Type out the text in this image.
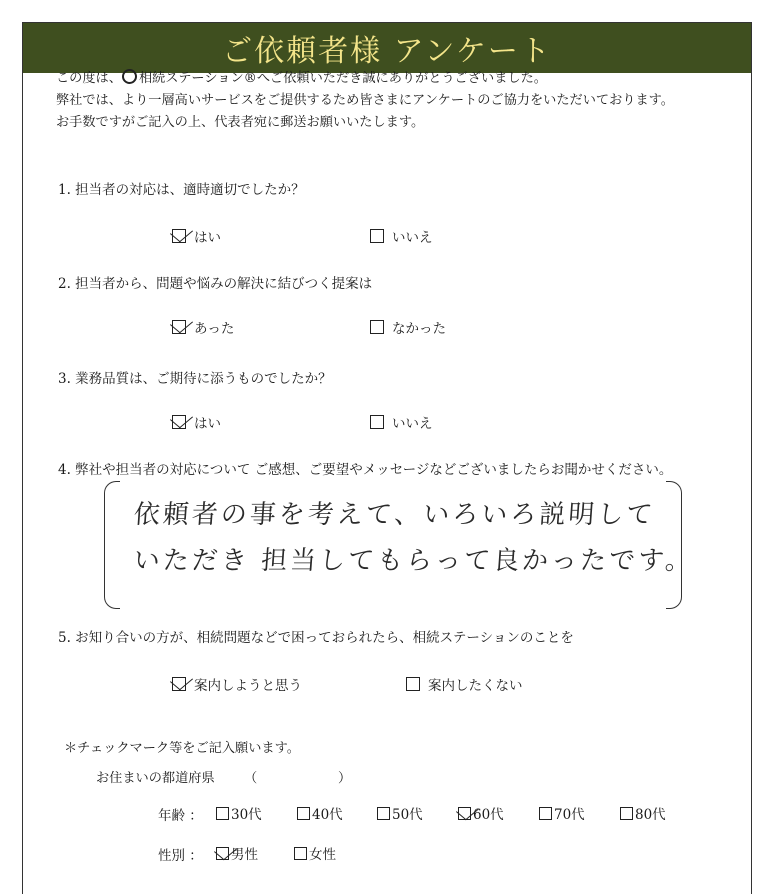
ご依頼者様 アンケート

この度は、 相続ステーション®へご依頼いただき誠にありがとうございました。

弊社では、より一層高いサービスをご提供するため皆さまにアンケートのご協力をいただいております。

お手数ですがご記入の上、代表者宛に郵送お願いいたします。

1. 担当者の対応は、適時適切でしたか？
はい	いいえ
2. 担当者から、問題や悩みの解決に結びつく提案は
あった	なかった
3. 業務品質は、ご期待に添うものでしたか？
はい	いいえ
4. 弊社や担当者の対応について ご感想、ご要望やメッセージなどございましたらお聞かせください。
依頼者の事を考えて、いろいろ説明して
いただき 担当してもらって良かったです。
5. お知り合いの方が、相続問題などで困っておられたら、相続ステーションのことを
案内しようと思う	案内したくない
＊チェックマーク等をご記入願います。
お住まいの都道府県 （	）
年齢 ： 30代	40代	50代	60代	70代	80代
性別 ： 男性	女性
